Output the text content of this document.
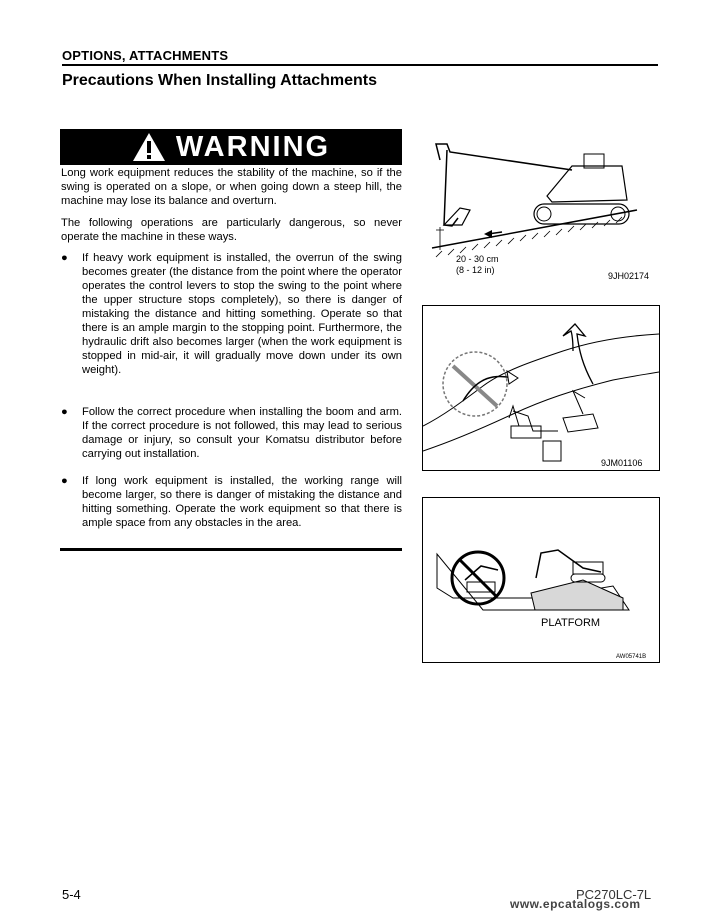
OPTIONS, ATTACHMENTS
Precautions When Installing Attachments
WARNING
Long work equipment reduces the stability of the machine, so if the swing is operated on a slope, or when going down a steep hill, the machine may lose its balance and overturn.
The following operations are particularly dangerous, so never operate the machine in these ways.
● If heavy work equipment is installed, the overrun of the swing becomes greater (the distance from the point where the operator operates the control levers to stop the swing to the point where the upper structure stops completely), so there is danger of mistaking the distance and hitting something. Operate so that there is an ample margin to the stopping point. Furthermore, the hydraulic drift also becomes larger (when the work equipment is stopped in mid-air, it will gradually move down under its own weight).
● Follow the correct procedure when installing the boom and arm. If the correct procedure is not followed, this may lead to serious damage or injury, so consult your Komatsu distributor before carrying out installation.
● If long work equipment is installed, the working range will become larger, so there is danger of mistaking the distance and hitting something. Operate the work equipment so that there is ample space from any obstacles in the area.
20 - 30 cm
(8 - 12 in)
9JH02174
9JM01106
PLATFORM
AW05741B
5-4	PC270LC-7L
www.epcatalogs.com
